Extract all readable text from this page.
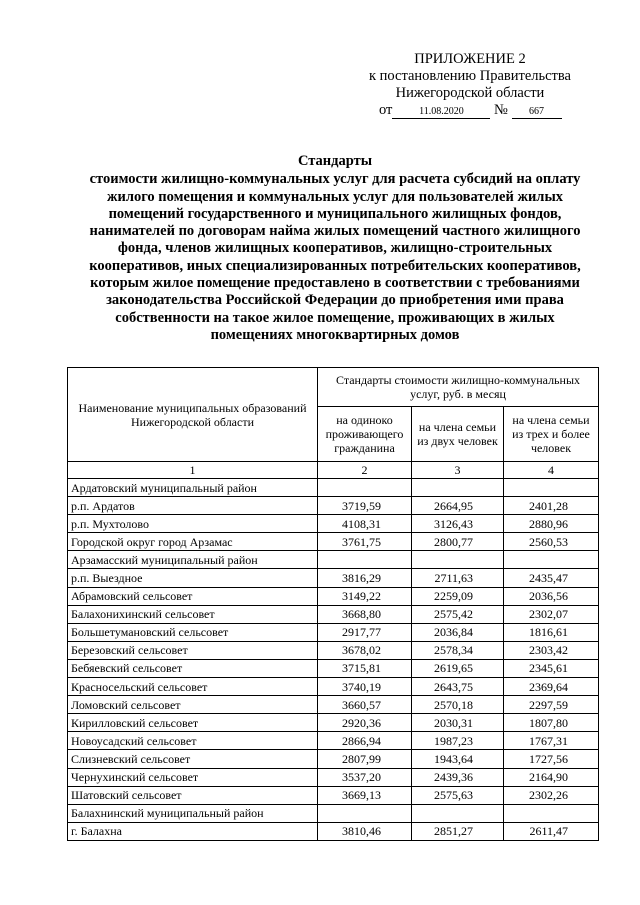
ПРИЛОЖЕНИЕ 2
к постановлению Правительства
Нижегородской области
от	11.08.2020 № 667
Стандарты
стоимости жилищно-коммунальных услуг для расчета субсидий на оплату
жилого помещения и коммунальных услуг для пользователей жилых
помещений государственного и муниципального жилищных фондов,
нанимателей по договорам найма жилых помещений частного жилищного
фонда, членов жилищных кооперативов, жилищно-строительных
кооперативов, иных специализированных потребительских кооперативов,
которым жилое помещение предоставлено в соответствии с требованиями
законодательства Российской Федерации до приобретения ими права
собственности на такое жилое помещение, проживающих в жилых
помещениях многоквартирных домов
Наименование муниципальных образований Нижегородской области	Стандарты стоимости жилищно-коммунальных услуг, руб. в месяц		
	на одиноко проживающего гражданина	на члена семьи из двух человек	на члена семьи из трех и более человек
1	2	3	4
Ардатовский муниципальный район			
р.п. Ардатов	3719,59	2664,95	2401,28
р.п. Мухтолово	4108,31	3126,43	2880,96
Городской округ город Арзамас	3761,75	2800,77	2560,53
Арзамасский муниципальный район			
р.п. Выездное	3816,29	2711,63	2435,47
Абрамовский сельсовет	3149,22	2259,09	2036,56
Балахонихинский сельсовет	3668,80	2575,42	2302,07
Большетумановский сельсовет	2917,77	2036,84	1816,61
Березовский сельсовет	3678,02	2578,34	2303,42
Бебяевский сельсовет	3715,81	2619,65	2345,61
Красносельский сельсовет	3740,19	2643,75	2369,64
Ломовский сельсовет	3660,57	2570,18	2297,59
Кирилловский сельсовет	2920,36	2030,31	1807,80
Новоусадский сельсовет	2866,94	1987,23	1767,31
Слизневский сельсовет	2807,99	1943,64	1727,56
Чернухинский сельсовет	3537,20	2439,36	2164,90
Шатовский сельсовет	3669,13	2575,63	2302,26
Балахнинский муниципальный район			
г. Балахна	3810,46	2851,27	2611,47
